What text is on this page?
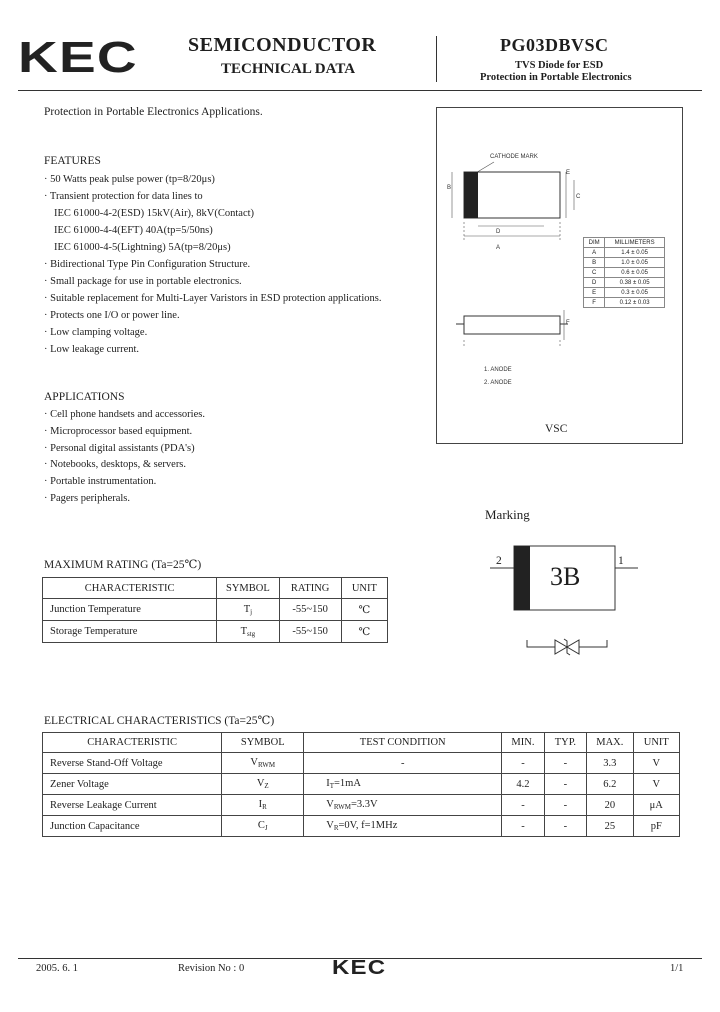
KEC	SEMICONDUCTOR
TECHNICAL DATA
PG03DBVSC
TVS Diode for ESD
Protection in Portable Electronics
Protection in Portable Electronics Applications.
FEATURES
· 50 Watts peak pulse power (tp=8/20μs)
· Transient protection for data lines to
IEC 61000-4-2(ESD) 15kV(Air), 8kV(Contact)
IEC 61000-4-4(EFT) 40A(tp=5/50ns)
IEC 61000-4-5(Lightning) 5A(tp=8/20μs)
· Bidirectional Type Pin Configuration Structure.
· Small package for use in portable electronics.
· Suitable replacement for Multi-Layer Varistors in ESD protection applications.
· Protects one I/O or power line.
· Low clamping voltage.
· Low leakage current.
APPLICATIONS
· Cell phone handsets and accessories.
· Microprocessor based equipment.
· Personal digital assistants (PDA's)
· Notebooks, desktops, & servers.
· Portable instrumentation.
· Pagers peripherals.
CATHODE MARK
B
D
A
E
C
DIM	MILLIMETERS
A	1.4 ± 0.05
B	1.0 ± 0.05
C	0.6 ± 0.05
D	0.38 ± 0.05
E	0.3 ± 0.05
F	0.12 ± 0.03
F
1. ANODE
2. ANODE
VSC
Marking
2	1
3B
MAXIMUM RATING (Ta=25℃)
CHARACTERISTIC	SYMBOL	RATING	UNIT
Junction Temperature	$T_j$	-55~150	℃
Storage Temperature	$T_{stg}$	-55~150	℃
ELECTRICAL CHARACTERISTICS (Ta=25℃)
CHARACTERISTIC	SYMBOL	TEST CONDITION	MIN.	TYP.	MAX.	UNIT
Reverse Stand-Off Voltage	$V_{RWM}$	-	-	-	3.3	V
Zener Voltage	$V_Z$	$I_T=1mA$	4.2	-	6.2	V
Reverse Leakage Current	$I_R$	$V_{RWM}=3.3V$	-	-	20	μA
Junction Capacitance	$C_J$	$V_R=0V$, f=1MHz	-	-	25	pF
2005. 6. 1	Revision No : 0	KEC	1/1
